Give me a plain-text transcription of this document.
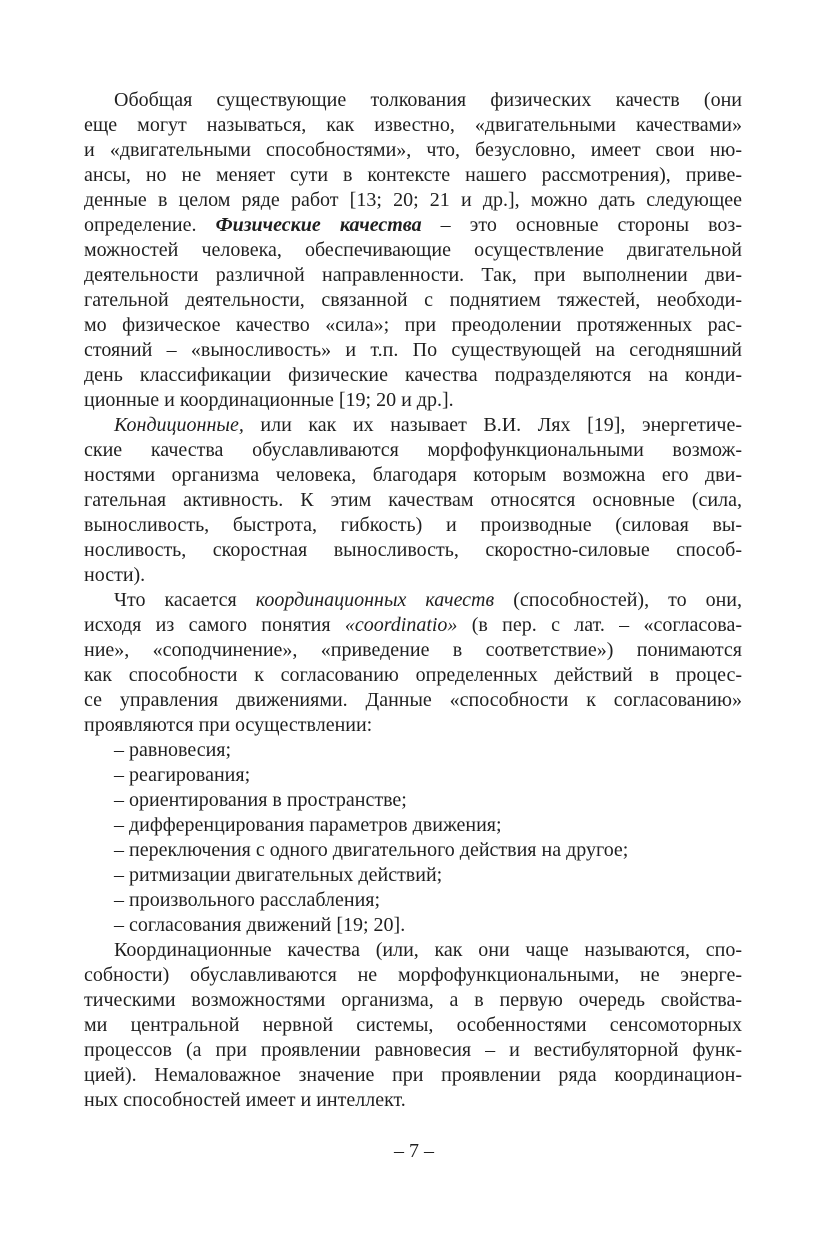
Обобщая существующие толкования физических качеств (они
еще могут называться, как известно, «двигательными качествами»
и «двигательными способностями», что, безусловно, имеет свои ню-
ансы, но не меняет сути в контексте нашего рассмотрения), приве-
денные в целом ряде работ [13; 20; 21 и др.], можно дать следующее
определение. Физические качества – это основные стороны воз-
можностей человека, обеспечивающие осуществление двигательной
деятельности различной направленности. Так, при выполнении дви-
гательной деятельности, связанной с поднятием тяжестей, необходи-
мо физическое качество «сила»; при преодолении протяженных рас-
стояний – «выносливость» и т.п. По существующей на сегодняшний
день классификации физические качества подразделяются на конди-
ционные и координационные [19; 20 и др.].
Кондиционные, или как их называет В.И. Лях [19], энергетиче-
ские качества обуславливаются морфофункциональными возмож-
ностями организма человека, благодаря которым возможна его дви-
гательная активность. К этим качествам относятся основные (сила,
выносливость, быстрота, гибкость) и производные (силовая вы-
носливость, скоростная выносливость, скоростно-силовые способ-
ности).
Что касается координационных качеств (способностей), то они,
исходя из самого понятия «coordinatio» (в пер. с лат. – «согласова-
ние», «соподчинение», «приведение в соответствие») понимаются
как способности к согласованию определенных действий в процес-
се управления движениями. Данные «способности к согласованию»
проявляются при осуществлении:
– равновесия;
– реагирования;
– ориентирования в пространстве;
– дифференцирования параметров движения;
– переключения с одного двигательного действия на другое;
– ритмизации двигательных действий;
– произвольного расслабления;
– согласования движений [19; 20].
Координационные качества (или, как они чаще называются, спо-
собности) обуславливаются не морфофункциональными, не энерге-
тическими возможностями организма, а в первую очередь свойства-
ми центральной нервной системы, особенностями сенсомоторных
процессов (а при проявлении равновесия – и вестибуляторной функ-
цией). Немаловажное значение при проявлении ряда координацион-
ных способностей имеет и интеллект.
– 7 –
